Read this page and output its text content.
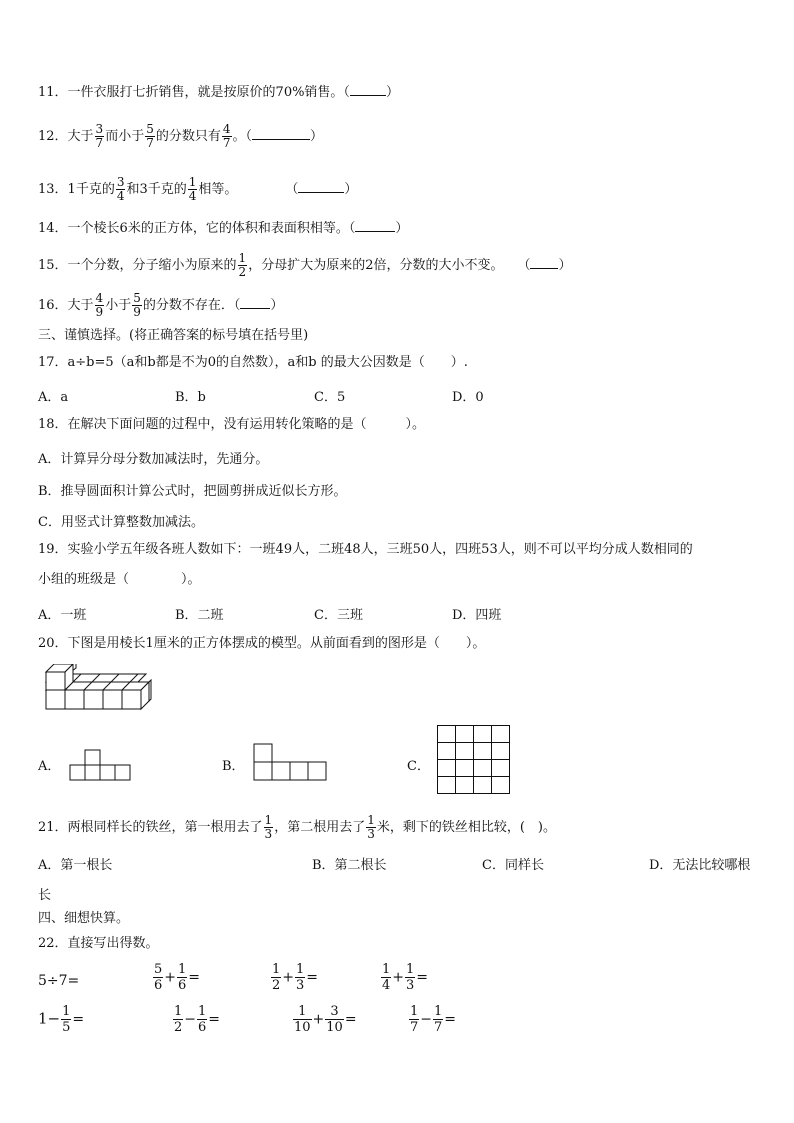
11．一件衣服打七折销售，就是按原价的70%销售。（	）
12．大于 $\frac{3}{7}$ 而小于 $\frac{5}{7}$ 的分数只有 $\frac{4}{7}$ 。（	）
13．1千克的 $\frac{3}{4}$ 和3千克的 $\frac{1}{4}$ 相等。	（	）
14．一个棱长6米的正方体，它的体积和表面积相等。（	）
15．一个分数，分子缩小为原来的 $\frac{1}{2}$ ，分母扩大为原来的2倍，分数的大小不变。 （ ）
16．大于 $\frac{4}{9}$ 小于 $\frac{5}{9}$ 的分数不存在．（ ）
三、谨慎选择。(将正确答案的标号填在括号里)
17．a÷b=5（a和b都是不为0的自然数），a和b 的最大公因数是（　　）.
A．a	B．b	C．5	D．0
18．在解决下面问题的过程中，没有运用转化策略的是（　　　）。
A．计算异分母分数加减法时，先通分。
B．推导圆面积计算公式时，把圆剪拼成近似长方形。
C．用竖式计算整数加减法。
19．实验小学五年级各班人数如下：一班49人，二班48人，三班50人，四班53人，则不可以平均分成人数相同的
小组的班级是（　　　　）。
A．一班	B．二班	C．三班	D．四班
20．下图是用棱长1厘米的正方体摆成的模型。从前面看到的图形是（　　）。
A．	B．	C．
21．两根同样长的铁丝，第一根用去了 $\frac{1}{3}$ ，第二根用去了 $\frac{1}{3}$ 米，剩下的铁丝相比较，(　)。
A．第一根长	B．第二根长	C．同样长	D．无法比较哪根
长
四、细想快算。
22．直接写出得数。
5÷7=	$\frac{5}{6} + \frac{1}{6}$ =	$\frac{1}{2} + \frac{1}{3}$ =	$\frac{1}{4} + \frac{1}{3}$ =
$1- \frac{1}{5}$ =	$\frac{1}{2} - \frac{1}{6}$ =	$\frac{1}{10} + \frac{3}{10}$ =	$\frac{1}{7} - \frac{1}{7}$ =
